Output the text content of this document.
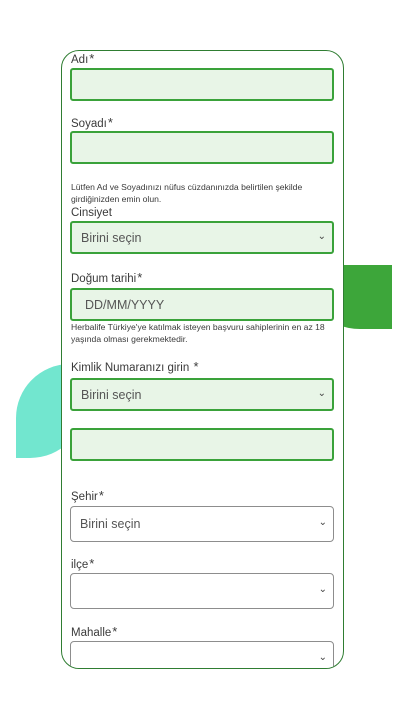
Adı*
Soyadı*
Lütfen Ad ve Soyadınızı nüfus cüzdanınızda belirtilen şekilde girdiğinizden emin olun.
Cinsiyet
Birini seçin	⌄
Doğum tarihi*
DD/MM/YYYY
Herbalife Türkiye'ye katılmak isteyen başvuru sahiplerinin en az 18 yaşında olması gerekmektedir.
Kimlik Numaranızı girin *
Birini seçin	⌄
Şehir*
Birini seçin	⌄
ilçe*
⌄
Mahalle*
⌄
